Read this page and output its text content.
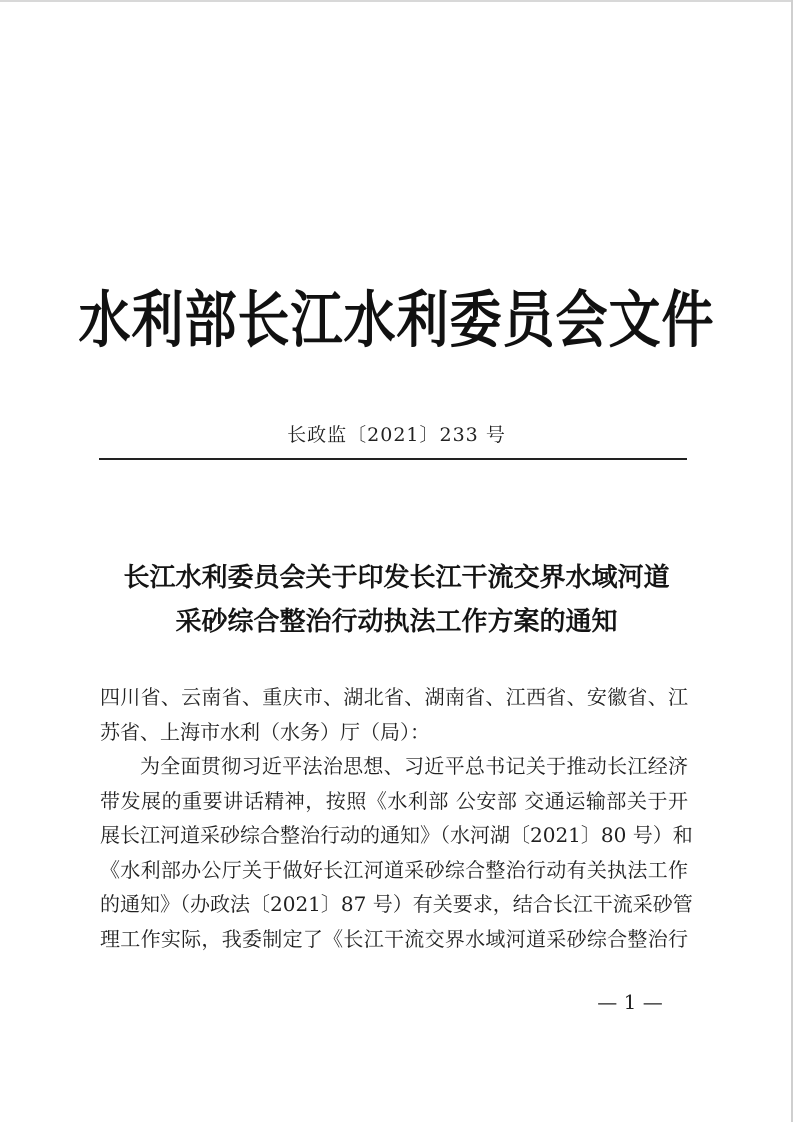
水利部长江水利委员会文件
长政监〔2021〕233 号
长江水利委员会关于印发长江干流交界水域河道
采砂综合整治行动执法工作方案的通知
四川省、云南省、重庆市、湖北省、湖南省、江西省、安徽省、江
苏省、上海市水利（水务）厅（局）：
为全面贯彻习近平法治思想、习近平总书记关于推动长江经济
带发展的重要讲话精神，按照《水利部 公安部 交通运输部关于开
展长江河道采砂综合整治行动的通知》（水河湖〔2021〕80 号）和
《水利部办公厅关于做好长江河道采砂综合整治行动有关执法工作
的通知》（办政法〔2021〕87 号）有关要求，结合长江干流采砂管
理工作实际，我委制定了《长江干流交界水域河道采砂综合整治行
— 1 —
